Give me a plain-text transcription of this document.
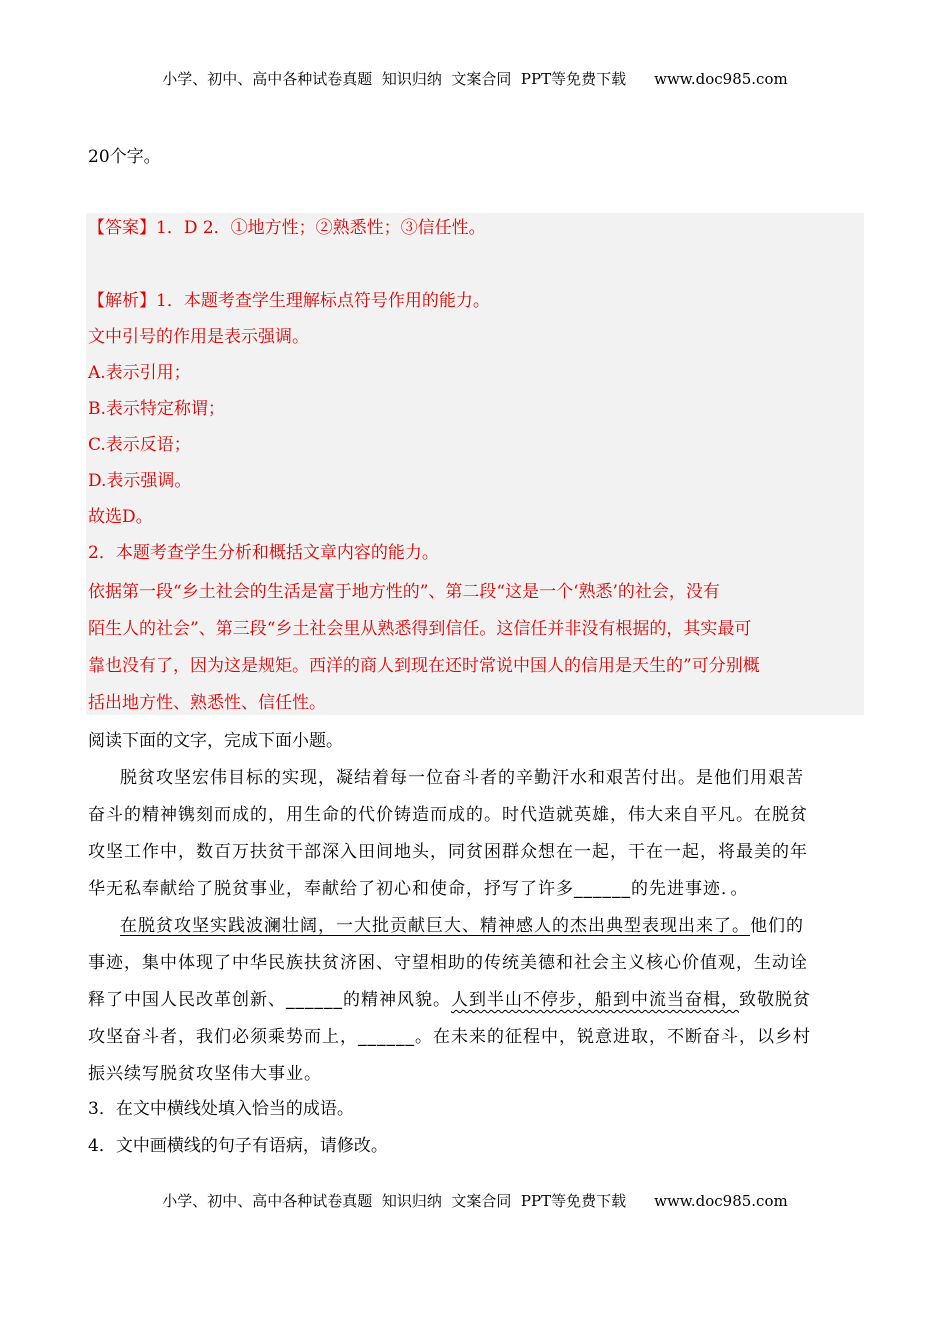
小学、初中、高中各种试卷真题  知识归纳  文案合同  PPT等免费下载 www.doc985.com
20个字。
【答案】1．D 2．①地方性；②熟悉性；③信任性。
【解析】1．本题考查学生理解标点符号作用的能力。
文中引号的作用是表示强调。
A.表示引用；
B.表示特定称谓；
C.表示反语；
D.表示强调。
故选D。
2．本题考查学生分析和概括文章内容的能力。
依据第一段“乡土社会的生活是富于地方性的”、第二段“这是一个‘熟悉’的社会，没有
陌生人的社会”、第三段“乡土社会里从熟悉得到信任。这信任并非没有根据的，其实最可
靠也没有了，因为这是规矩。西洋的商人到现在还时常说中国人的信用是天生的”可分别概
括出地方性、熟悉性、信任性。
阅读下面的文字，完成下面小题。
脱贫攻坚宏伟目标的实现，凝结着每一位奋斗者的辛勤汗水和艰苦付出。是他们用艰苦
奋斗的精神镌刻而成的，用生命的代价铸造而成的。时代造就英雄，伟大来自平凡。在脱贫
攻坚工作中，数百万扶贫干部深入田间地头，同贫困群众想在一起，干在一起，将最美的年
华无私奉献给了脱贫事业，奉献给了初心和使命，抒写了许多______的先进事迹．。
在脱贫攻坚实践波澜壮阔，一大批贡献巨大、精神感人的杰出典型表现出来了。他们的
事迹，集中体现了中华民族扶贫济困、守望相助的传统美德和社会主义核心价值观，生动诠
释了中国人民改革创新、______的精神风貌。人到半山不停步，船到中流当奋楫，致敬脱贫
攻坚奋斗者，我们必须乘势而上，______。在未来的征程中，锐意进取，不断奋斗，以乡村
振兴续写脱贫攻坚伟大事业。
3．在文中横线处填入恰当的成语。
4．文中画横线的句子有语病，请修改。
小学、初中、高中各种试卷真题  知识归纳  文案合同  PPT等免费下载 www.doc985.com
